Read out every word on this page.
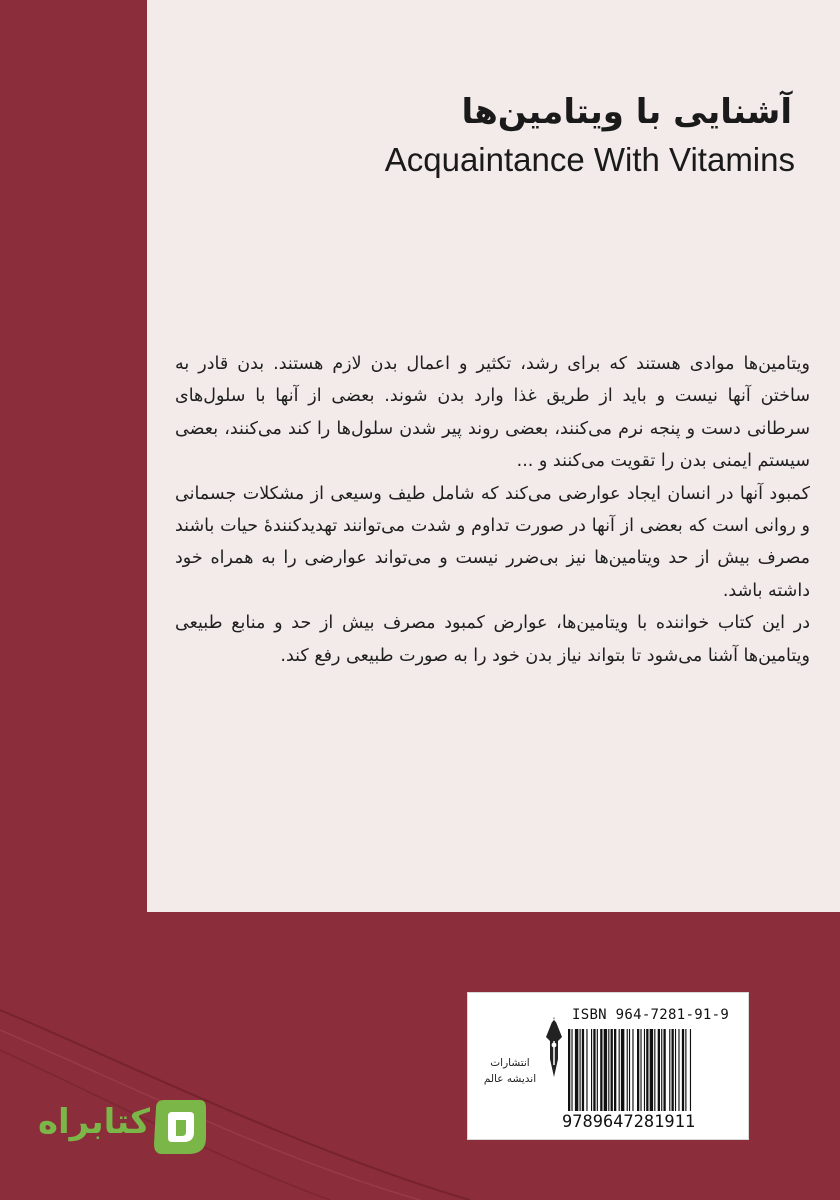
آشنایی با ویتامین‌ها
Acquaintance With Vitamins

ویتامین‌ها موادی هستند که برای رشد، تکثیر و اعمال بدن لازم هستند. بدن قادر به ساختن آنها نیست و باید از طریق غذا وارد بدن شوند. بعضی از آنها با سلول‌های سرطانی دست و پنجه نرم می‌کنند، بعضی روند پیر شدن سلول‌ها را کند می‌کنند، بعضی سیستم ایمنی بدن را تقویت می‌کنند و ...

کمبود آنها در انسان ایجاد عوارضی می‌کند که شامل طیف وسیعی از مشکلات جسمانی و روانی است که بعضی از آنها در صورت تداوم و شدت می‌توانند تهدیدکنندهٔ حیات باشند مصرف بیش از حد ویتامین‌ها نیز بی‌ضرر نیست و می‌تواند عوارضی را به همراه خود داشته باشد.

در این کتاب خواننده با ویتامین‌ها، عوارض کمبود مصرف بیش از حد و منابع طبیعی ویتامین‌ها آشنا می‌شود تا بتواند نیاز بدن خود را به صورت طبیعی رفع کند.

ISBN 964-7281-91-9
انتشارات
اندیشه عالم
9789647281911
کتابراه
